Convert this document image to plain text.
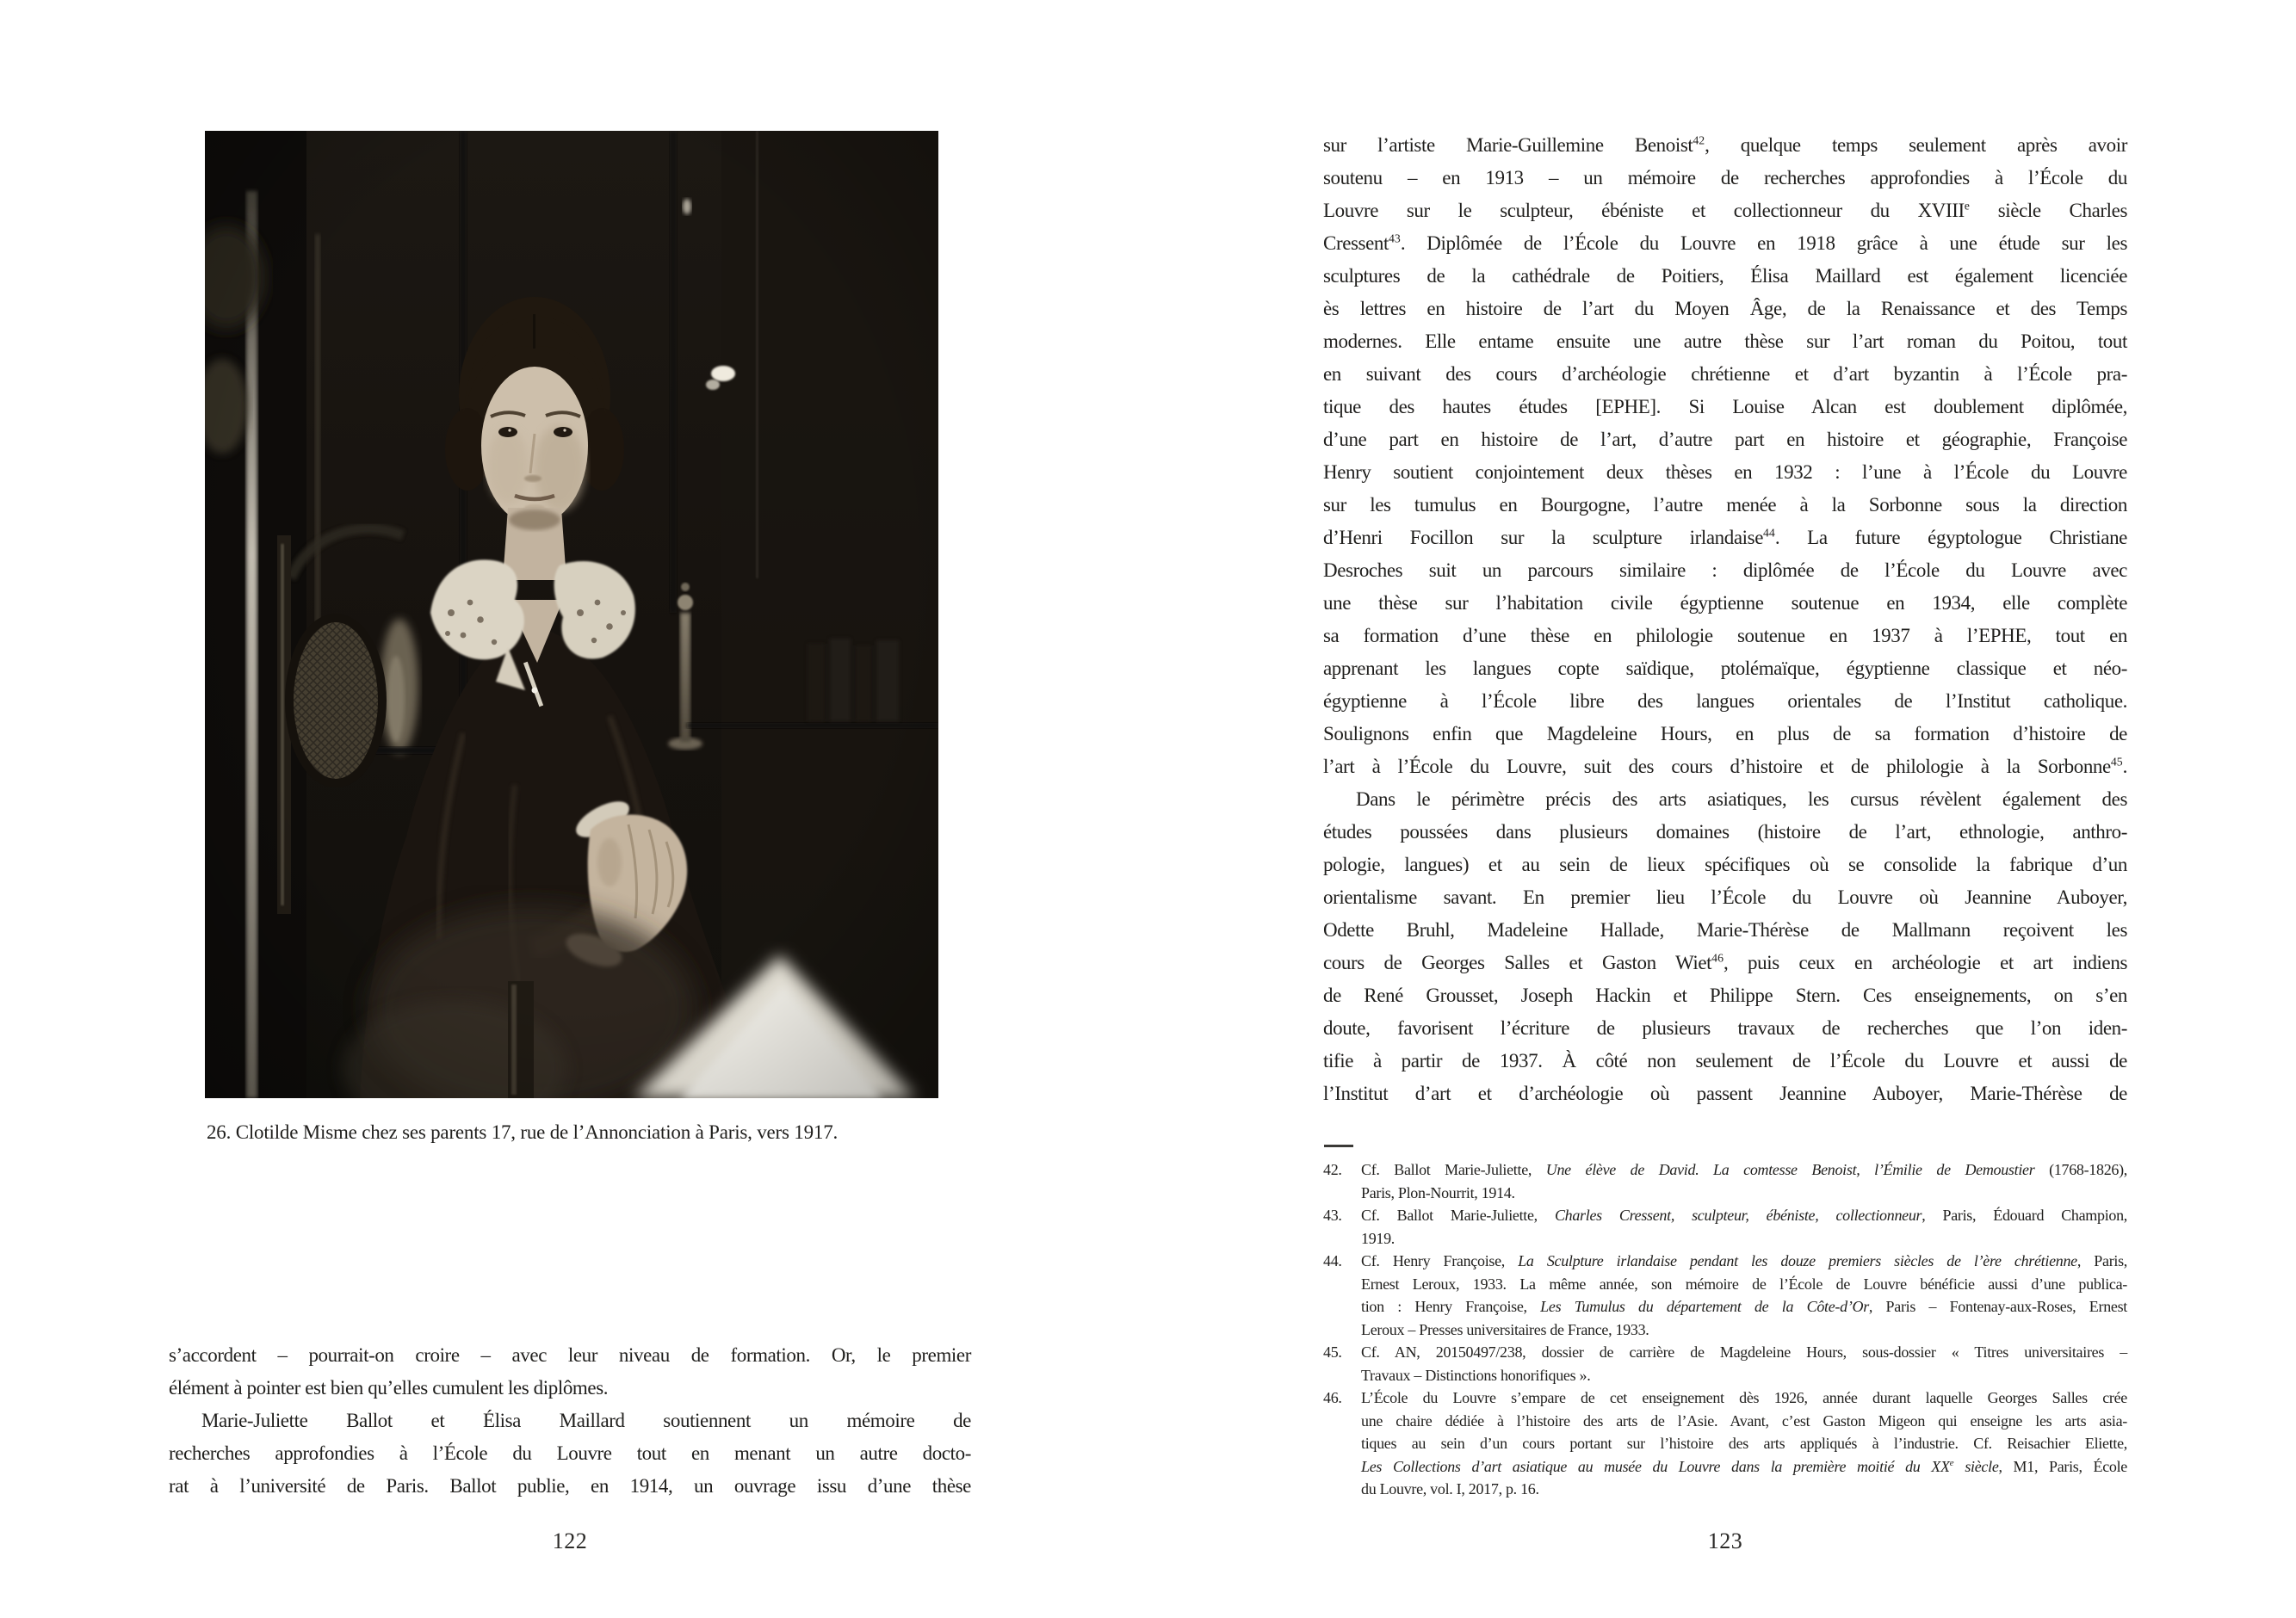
26. Clotilde Misme chez ses parents 17, rue de l’Annonciation à Paris, vers 1917.
s’accordent – pourrait-on croire – avec leur niveau de formation. Or, le premier
élément à pointer est bien qu’elles cumulent les diplômes.
Marie-Juliette Ballot et Élisa Maillard soutiennent un mémoire de
recherches approfondies à l’École du Louvre tout en menant un autre docto-
rat à l’université de Paris. Ballot publie, en 1914, un ouvrage issu d’une thèse
122
sur l’artiste Marie-Guillemine Benoist$^{42}$, quelque temps seulement après avoir
soutenu – en 1913 – un mémoire de recherches approfondies à l’École du
Louvre sur le sculpteur, ébéniste et collectionneur du XVIIIe siècle Charles
Cressent$^{43}$. Diplômée de l’École du Louvre en 1918 grâce à une étude sur les
sculptures de la cathédrale de Poitiers, Élisa Maillard est également licenciée
ès lettres en histoire de l’art du Moyen Âge, de la Renaissance et des Temps
modernes. Elle entame ensuite une autre thèse sur l’art roman du Poitou, tout
en suivant des cours d’archéologie chrétienne et d’art byzantin à l’École pra-
tique des hautes études [EPHE]. Si Louise Alcan est doublement diplômée,
d’une part en histoire de l’art, d’autre part en histoire et géographie, Françoise
Henry soutient conjointement deux thèses en 1932 : l’une à l’École du Louvre
sur les tumulus en Bourgogne, l’autre menée à la Sorbonne sous la direction
d’Henri Focillon sur la sculpture irlandaise$^{44}$. La future égyptologue Christiane
Desroches suit un parcours similaire : diplômée de l’École du Louvre avec
une thèse sur l’habitation civile égyptienne soutenue en 1934, elle complète
sa formation d’une thèse en philologie soutenue en 1937 à l’EPHE, tout en
apprenant les langues copte saïdique, ptolémaïque, égyptienne classique et néo-
égyptienne à l’École libre des langues orientales de l’Institut catholique.
Soulignons enfin que Magdeleine Hours, en plus de sa formation d’histoire de
l’art à l’École du Louvre, suit des cours d’histoire et de philologie à la Sorbonne$^{45}$.
Dans le périmètre précis des arts asiatiques, les cursus révèlent également des
études poussées dans plusieurs domaines (histoire de l’art, ethnologie, anthro-
pologie, langues) et au sein de lieux spécifiques où se consolide la fabrique d’un
orientalisme savant. En premier lieu l’École du Louvre où Jeannine Auboyer,
Odette Bruhl, Madeleine Hallade, Marie-Thérèse de Mallmann reçoivent les
cours de Georges Salles et Gaston Wiet$^{46}$, puis ceux en archéologie et art indiens
de René Grousset, Joseph Hackin et Philippe Stern. Ces enseignements, on s’en
doute, favorisent l’écriture de plusieurs travaux de recherches que l’on iden-
tifie à partir de 1937. À côté non seulement de l’École du Louvre et aussi de
l’Institut d’art et d’archéologie où passent Jeannine Auboyer, Marie-Thérèse de
42. Cf. Ballot Marie-Juliette, Une élève de David. La comtesse Benoist, l’Émilie de Demoustier (1768-1826),
Paris, Plon-Nourrit, 1914.
43. Cf. Ballot Marie-Juliette, Charles Cressent, sculpteur, ébéniste, collectionneur, Paris, Édouard Champion,
1919.
44. Cf. Henry Françoise, La Sculpture irlandaise pendant les douze premiers siècles de l’ère chrétienne, Paris,
Ernest Leroux, 1933. La même année, son mémoire de l’École de Louvre bénéficie aussi d’une publica-
tion : Henry Françoise, Les Tumulus du département de la Côte-d’Or, Paris – Fontenay-aux-Roses, Ernest
Leroux – Presses universitaires de France, 1933.
45. Cf. AN, 20150497/238, dossier de carrière de Magdeleine Hours, sous-dossier « Titres universitaires –
Travaux – Distinctions honorifiques ».
46. L’École du Louvre s’empare de cet enseignement dès 1926, année durant laquelle Georges Salles crée
une chaire dédiée à l’histoire des arts de l’Asie. Avant, c’est Gaston Migeon qui enseigne les arts asia-
tiques au sein d’un cours portant sur l’histoire des arts appliqués à l’industrie. Cf. Reisachier Eliette,
Les Collections d’art asiatique au musée du Louvre dans la première moitié du XXe siècle, M1, Paris, École
du Louvre, vol. I, 2017, p. 16.
123
